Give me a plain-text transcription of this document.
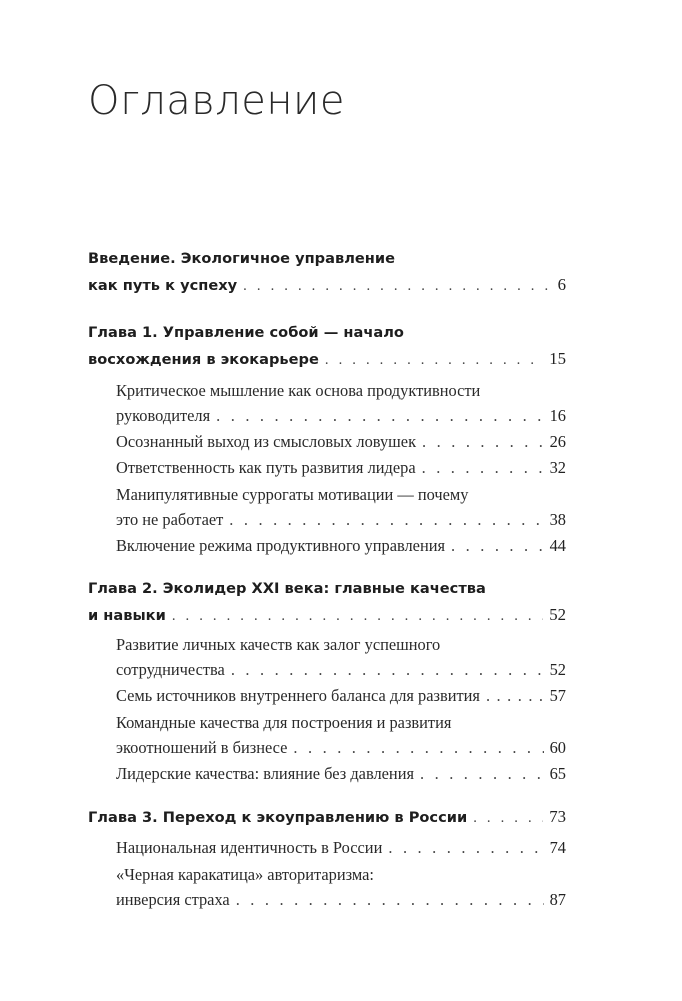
Оглавление
Введение. Экологичное управление
как путь к успеху . . .	6
Глава 1. Управление собой — начало
восхождения в экокарьере . . .	15
Критическое мышление как основа продуктивности
руководителя . . .	16
Осознанный выход из смысловых ловушек . . .	26
Ответственность как путь развития лидера . . .	32
Манипулятивные суррогаты мотивации — почему
это не работает . . .	38
Включение режима продуктивного управления . . .	44
Глава 2. Эколидер XXI века: главные качества
и навыки . . .	52
Развитие личных качеств как залог успешного
сотрудничества . . .	52
Семь источников внутреннего баланса для развития . . .	57
Командные качества для построения и развития
экоотношений в бизнесе . . .	60
Лидерские качества: влияние без давления . . .	65
Глава 3. Переход к экоуправлению в России . . .	73
Национальная идентичность в России . . .	74
«Черная каракатица» авторитаризма:
инверсия страха . . .	87
